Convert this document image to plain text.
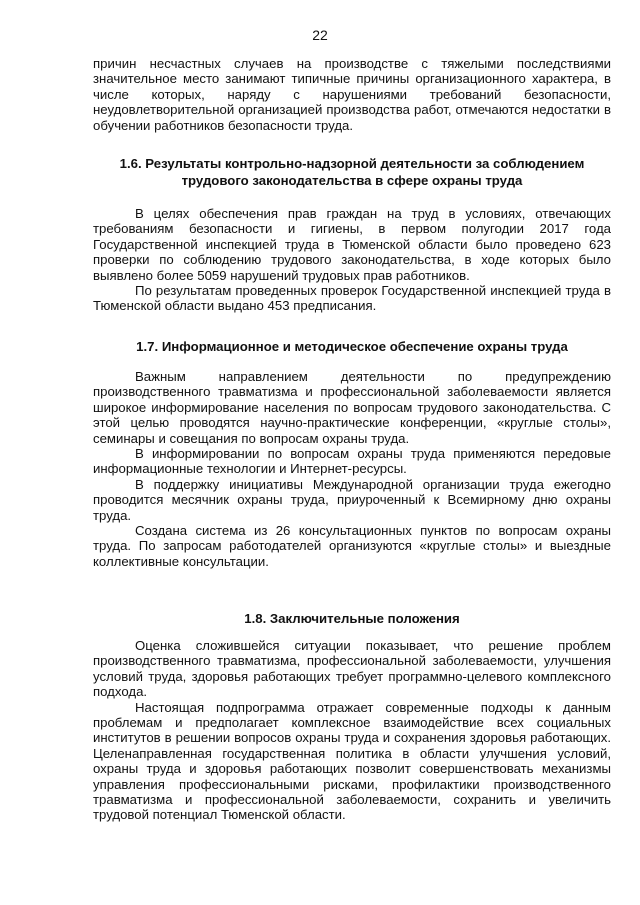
22

причин несчастных случаев на производстве с тяжелыми последствиями значительное место занимают типичные причины организационного характера, в числе которых, наряду с нарушениями требований безопасности, неудовлетворительной организацией производства работ, отмечаются недостатки в обучении работников безопасности труда.

1.6. Результаты контрольно-надзорной деятельности за соблюдением
трудового законодательства в сфере охраны труда

В целях обеспечения прав граждан на труд в условиях, отвечающих требованиям безопасности и гигиены, в первом полугодии 2017 года Государственной инспекцией труда в Тюменской области было проведено 623 проверки по соблюдению трудового законодательства, в ходе которых было выявлено более 5059 нарушений трудовых прав работников.

По результатам проведенных проверок Государственной инспекцией труда в Тюменской области выдано 453 предписания.

1.7. Информационное и методическое обеспечение охраны труда

Важным направлением деятельности по предупреждению производственного травматизма и профессиональной заболеваемости является широкое информирование населения по вопросам трудового законодательства. С этой целью проводятся научно-практические конференции, «круглые столы», семинары и совещания по вопросам охраны труда.

В информировании по вопросам охраны труда применяются передовые информационные технологии и Интернет-ресурсы.

В поддержку инициативы Международной организации труда ежегодно проводится месячник охраны труда, приуроченный к Всемирному дню охраны труда.

Создана система из 26 консультационных пунктов по вопросам охраны труда. По запросам работодателей организуются «круглые столы» и выездные коллективные консультации.

1.8. Заключительные положения

Оценка сложившейся ситуации показывает, что решение проблем производственного травматизма, профессиональной заболеваемости, улучшения условий труда, здоровья работающих требует программно-целевого комплексного подхода.

Настоящая подпрограмма отражает современные подходы к данным проблемам и предполагает комплексное взаимодействие всех социальных институтов в решении вопросов охраны труда и сохранения здоровья работающих. Целенаправленная государственная политика в области улучшения условий, охраны труда и здоровья работающих позволит совершенствовать механизмы управления профессиональными рисками, профилактики производственного травматизма и профессиональной заболеваемости, сохранить и увеличить трудовой потенциал Тюменской области.
